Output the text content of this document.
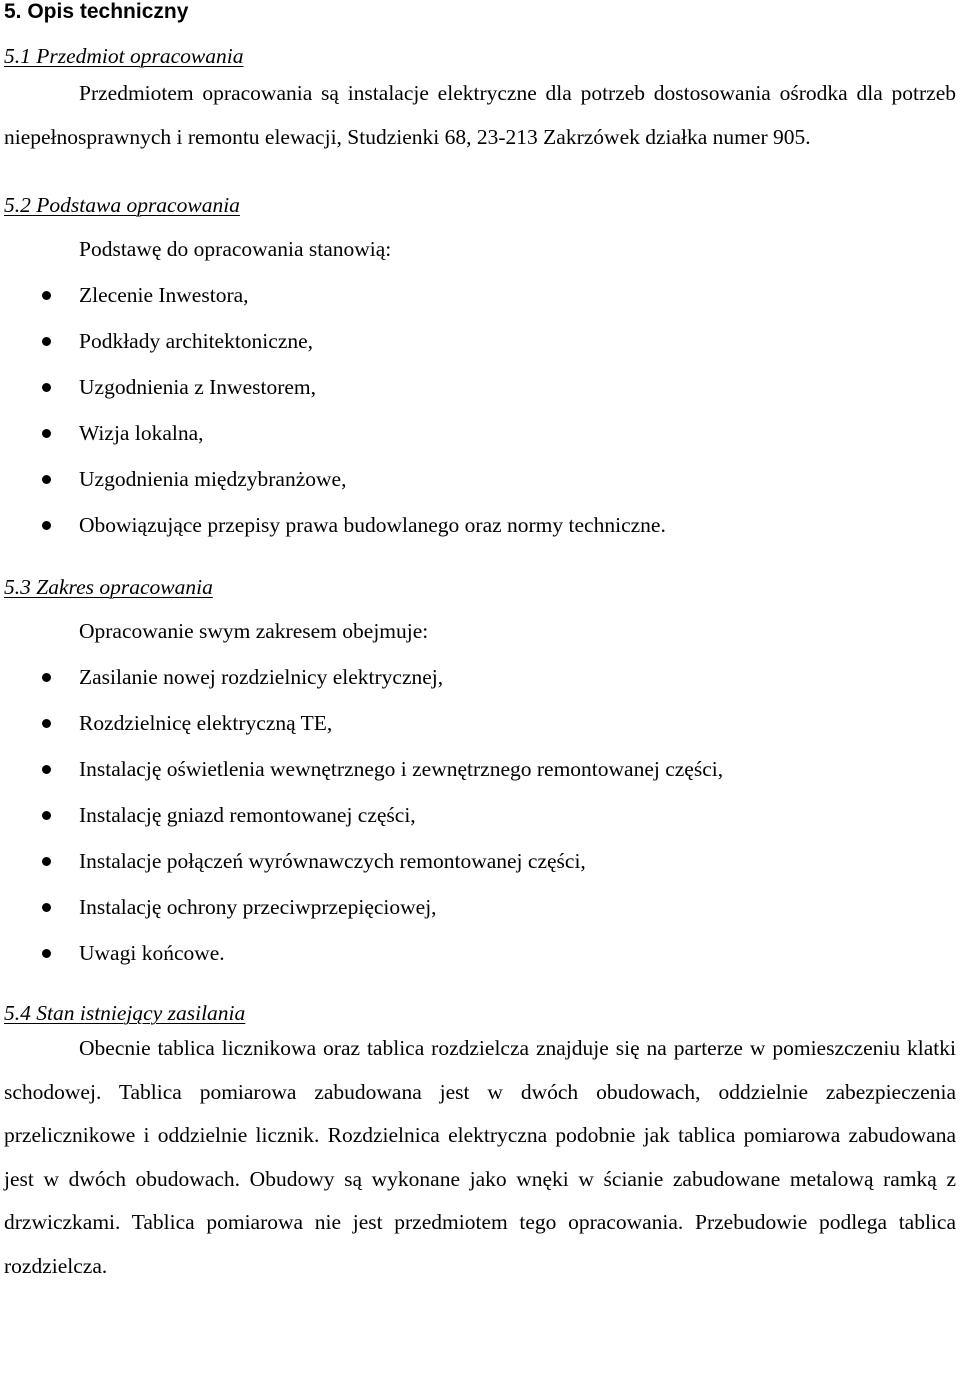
5. Opis techniczny
5.1 Przedmiot opracowania

Przedmiotem opracowania są instalacje elektryczne dla potrzeb dostosowania ośrodka dla potrzeb niepełnosprawnych i remontu elewacji, Studzienki 68, 23-213 Zakrzówek działka numer 905.

5.2 Podstawa opracowania

Podstawę do opracowania stanowią:

Zlecenie Inwestora,
Podkłady architektoniczne,
Uzgodnienia z Inwestorem,
Wizja lokalna,
Uzgodnienia międzybranżowe,
Obowiązujące przepisy prawa budowlanego oraz normy techniczne.
5.3 Zakres opracowania

Opracowanie swym zakresem obejmuje:

Zasilanie nowej rozdzielnicy elektrycznej,
Rozdzielnicę elektryczną TE,
Instalację oświetlenia wewnętrznego i zewnętrznego remontowanej części,
Instalację gniazd remontowanej części,
Instalacje połączeń wyrównawczych remontowanej części,
Instalację ochrony przeciwprzepięciowej,
Uwagi końcowe.
5.4 Stan istniejący zasilania

Obecnie tablica licznikowa oraz tablica rozdzielcza znajduje się na parterze w pomieszczeniu klatki schodowej. Tablica pomiarowa zabudowana jest w dwóch obudowach, oddzielnie zabezpieczenia przelicznikowe i oddzielnie licznik. Rozdzielnica elektryczna podobnie jak tablica pomiarowa zabudowana jest w dwóch obudowach. Obudowy są wykonane jako wnęki w ścianie zabudowane metalową ramką z drzwiczkami. Tablica pomiarowa nie jest przedmiotem tego opracowania. Przebudowie podlega tablica rozdzielcza.
